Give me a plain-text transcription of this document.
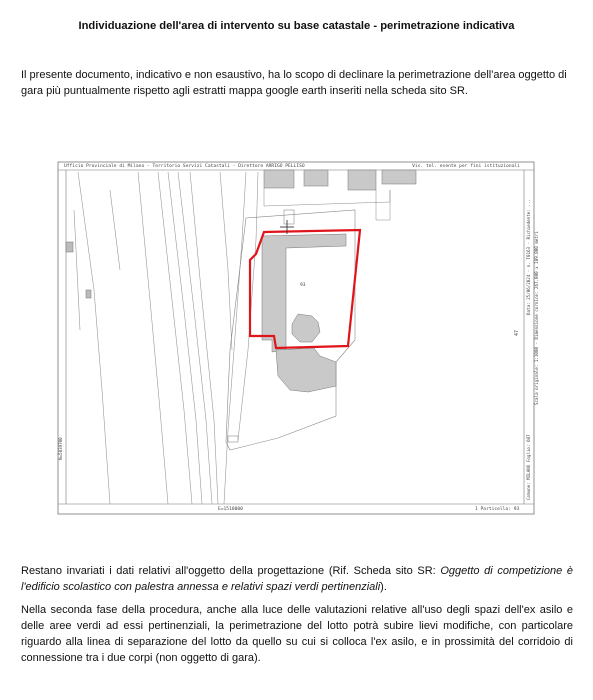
Individuazione dell'area di intervento su base catastale - perimetrazione indicativa
Il presente documento, indicativo e non esaustivo, ha lo scopo di declinare la perimetrazione dell'area oggetto di gara più puntualmente rispetto agli estratti mappa google earth inseriti nella scheda sito SR.
Ufficio Provinciale di Milano - Territorio Servizi Catastali - Direttore ARRIGO PELLISO	Vis. tel. esente per fini istituzionali
Data: 25/06/2024 - n. T0163 - Richiedente: ... Scala originale: 1:1000 - Dimensione cornice: 267.000 x 189.000 metri
Comune: MILANO Foglio: 607
N=5039700
E=1518000	1 Particella: 93
47
93
Restano invariati i dati relativi all'oggetto della progettazione (Rif. Scheda sito SR: Oggetto di competizione è l'edificio scolastico con palestra annessa e relativi spazi verdi pertinenziali).
Nella seconda fase della procedura, anche alla luce delle valutazioni relative all'uso degli spazi dell'ex asilo e delle aree verdi ad essi pertinenziali, la perimetrazione del lotto potrà subire lievi modifiche, con particolare riguardo alla linea di separazione del lotto da quello su cui si colloca l'ex asilo, e in prossimità del corridoio di connessione tra i due corpi (non oggetto di gara).
